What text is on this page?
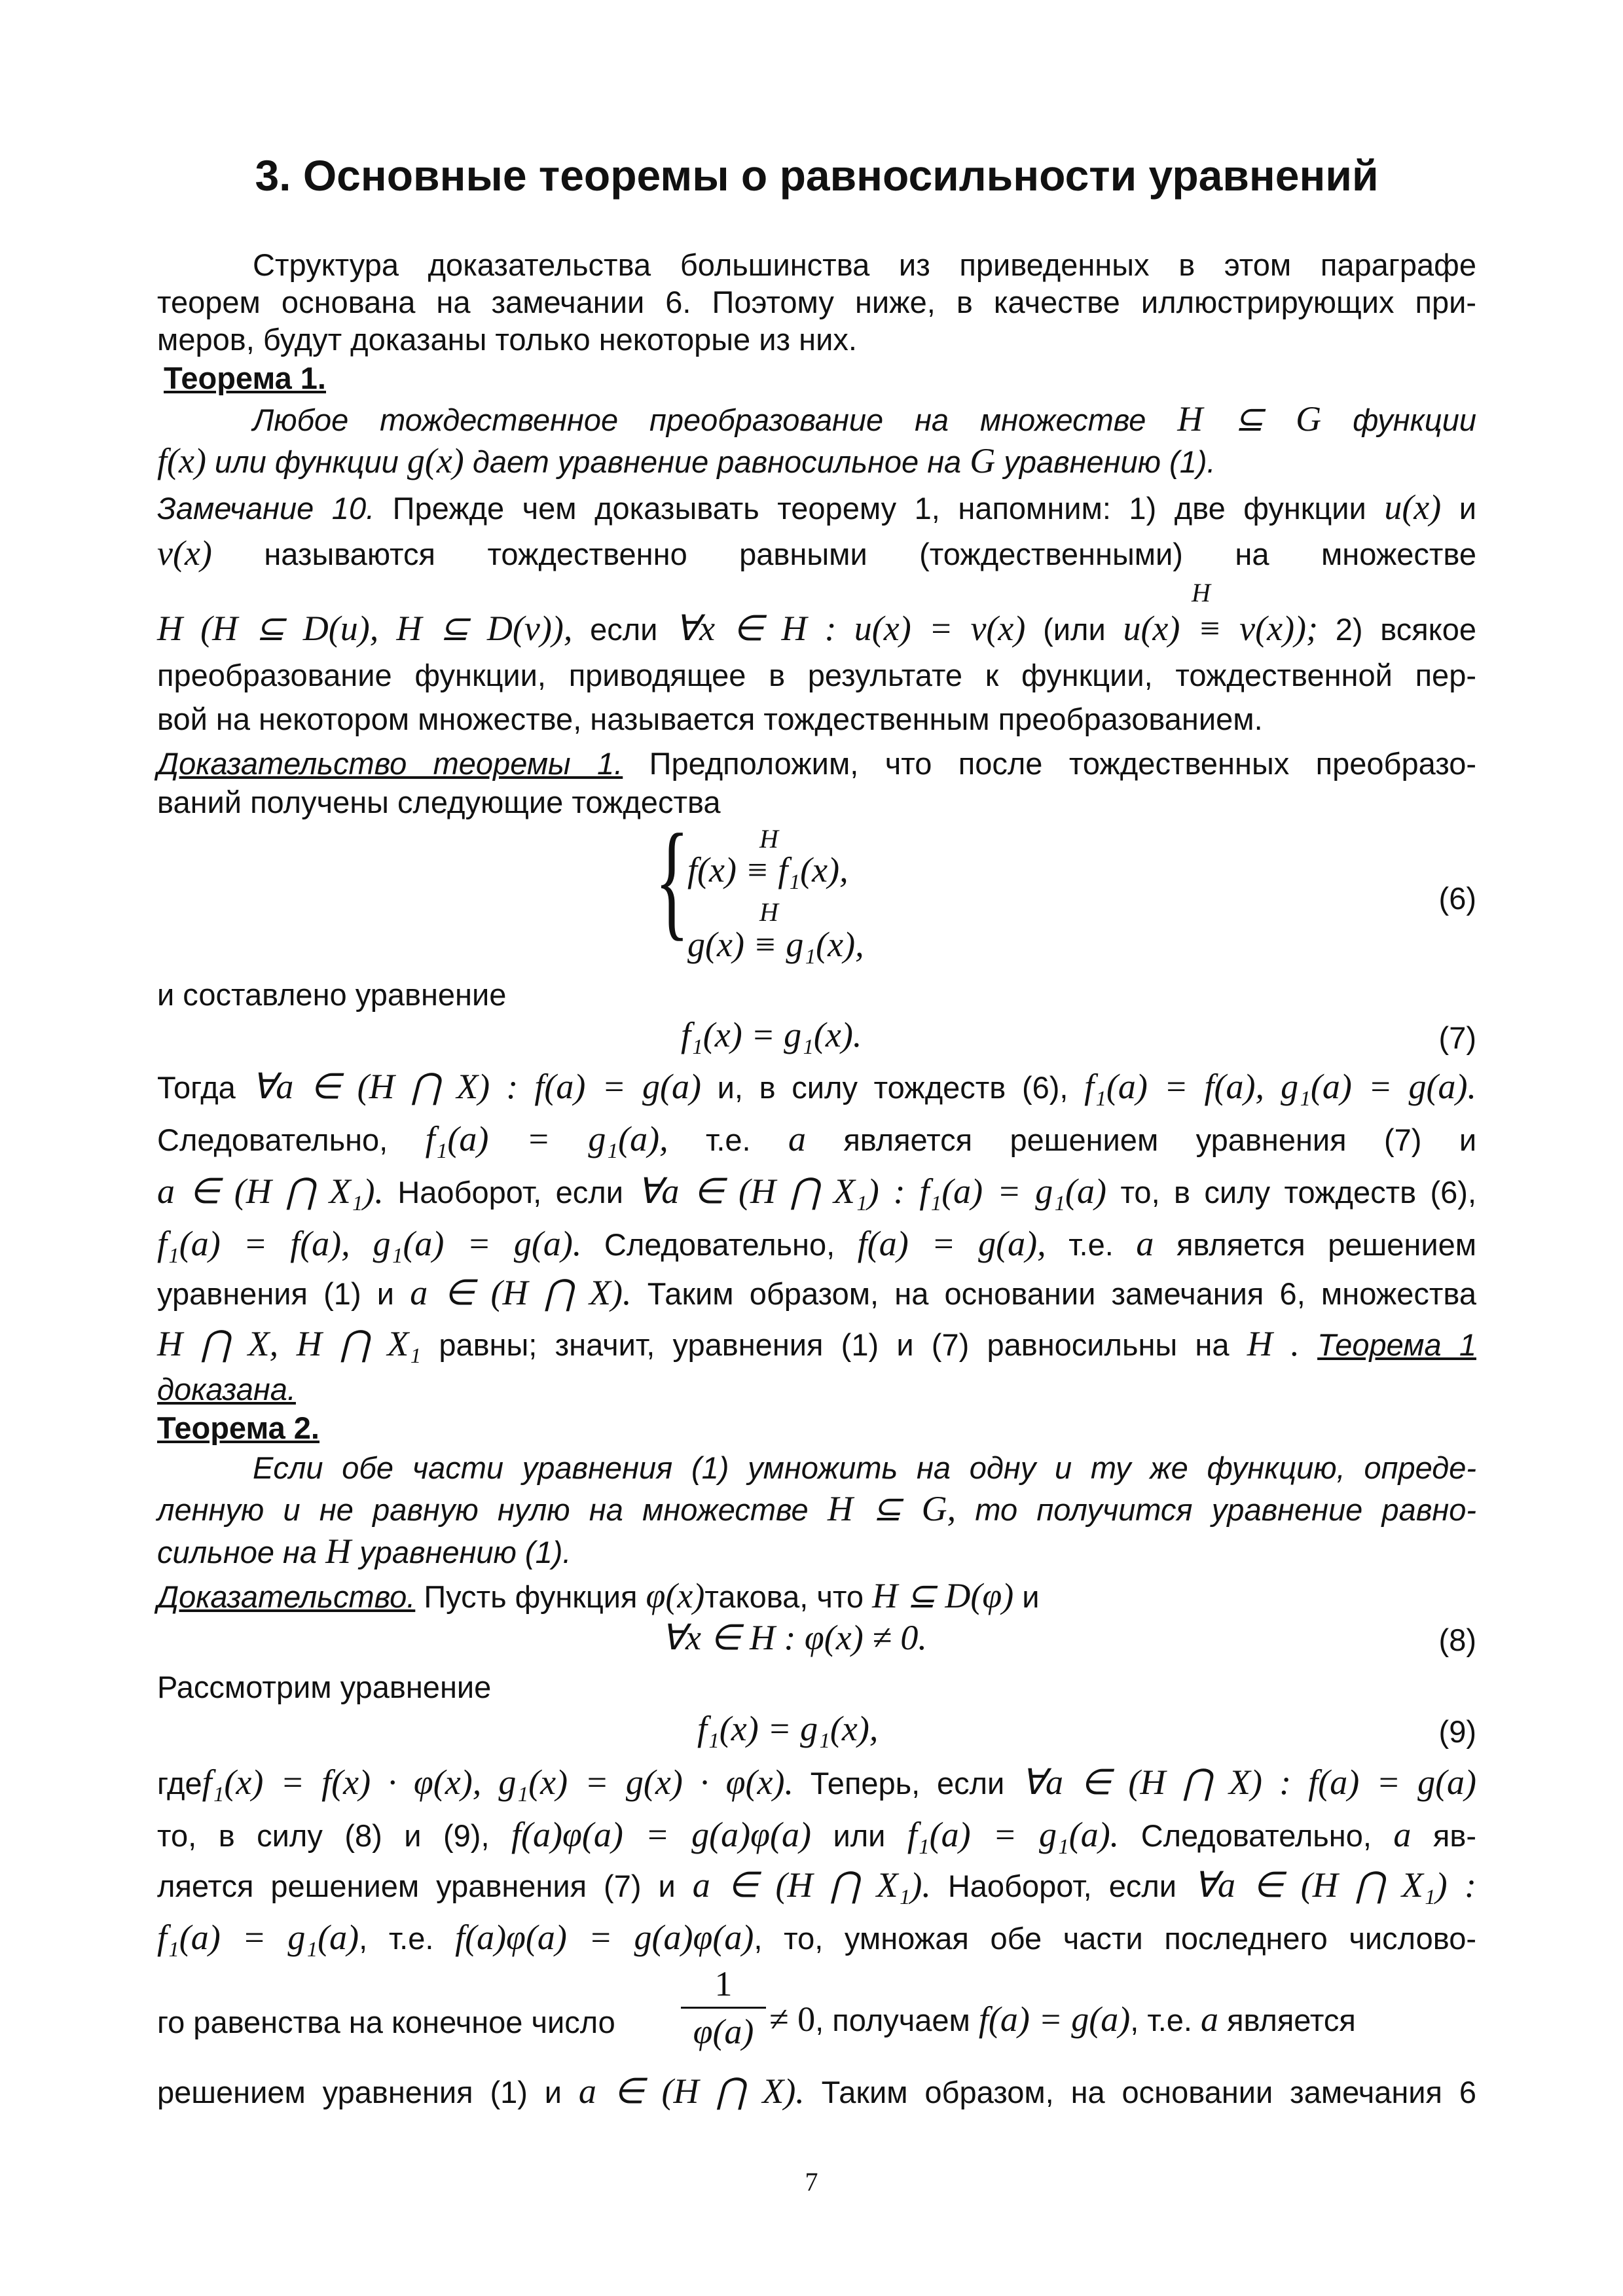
3. Основные теоремы о равносильности уравнений
Структура доказательства большинства из приведенных в этом параграфе
теорем основана на замечании 6. Поэтому ниже, в качестве иллюстрирующих при-
меров, будут доказаны только некоторые из них.
Теорема 1.
Любое тождественное преобразование на множестве H ⊆ G функции
f(x) или функции g(x) дает уравнение равносильное на G уравнению (1).
Замечание 10. Прежде чем доказывать теорему 1, напомним: 1) две функции u(x) и
v(x) называются тождественно равными (тождественными) на множестве
H
H (H ⊆ D(u), H ⊆ D(v)), если ∀x ∈ H : u(x) = v(x) (или u(x) ≡ v(x)); 2) всякое
преобразование функции, приводящее в результате к функции, тождественной пер-
вой на некотором множестве, называется тождественным преобразованием.
Доказательство теоремы 1. Предположим, что после тождественных преобразо-
ваний получены следующие тождества
{	H
f(x) ≡ f₁(x),
H
g(x) ≡ g₁(x),
(6)
и составлено уравнение
f₁(x) = g₁(x).	(7)
Тогда ∀a ∈ (H ⋂ X) : f(a) = g(a) и, в силу тождеств (6), f₁(a) = f(a), g₁(a) = g(a).
Следовательно, f₁(a) = g₁(a), т.е. a является решением уравнения (7) и
a ∈ (H ⋂ X₁). Наоборот, если ∀a ∈ (H ⋂ X₁) : f₁(a) = g₁(a) то, в силу тождеств (6),
f₁(a) = f(a), g₁(a) = g(a). Следовательно, f(a) = g(a), т.е. a является решением
уравнения (1) и a ∈ (H ⋂ X). Таким образом, на основании замечания 6, множества
H ⋂ X, H ⋂ X₁ равны; значит, уравнения (1) и (7) равносильны на H . Теорема 1
доказана.
Теорема 2.
Если обе части уравнения (1) умножить на одну и ту же функцию, опреде-
ленную и не равную нулю на множестве H ⊆ G, то получится уравнение равно-
сильное на H уравнению (1).
Доказательство. Пусть функция φ(x)такова, что H ⊆ D(φ) и
∀x ∈ H : φ(x) ≠ 0.	(8)
Рассмотрим уравнение
f₁(x) = g₁(x),	(9)
гдеf₁(x) = f(x) · φ(x), g₁(x) = g(x) · φ(x). Теперь, если ∀a ∈ (H ⋂ X) : f(a) = g(a)
то, в силу (8) и (9), f(a)φ(a) = g(a)φ(a) или f₁(a) = g₁(a). Следовательно, a яв-
ляется решением уравнения (7) и a ∈ (H ⋂ X₁). Наоборот, если ∀a ∈ (H ⋂ X₁) :
f₁(a) = g₁(a), т.е. f(a)φ(a) = g(a)φ(a), то, умножая обе части последнего числово-
го равенства на конечное число
1
φ(a) ≠ 0, получаем f(a) = g(a), т.е. a является
решением уравнения (1) и a ∈ (H ⋂ X). Таким образом, на основании замечания 6
7
